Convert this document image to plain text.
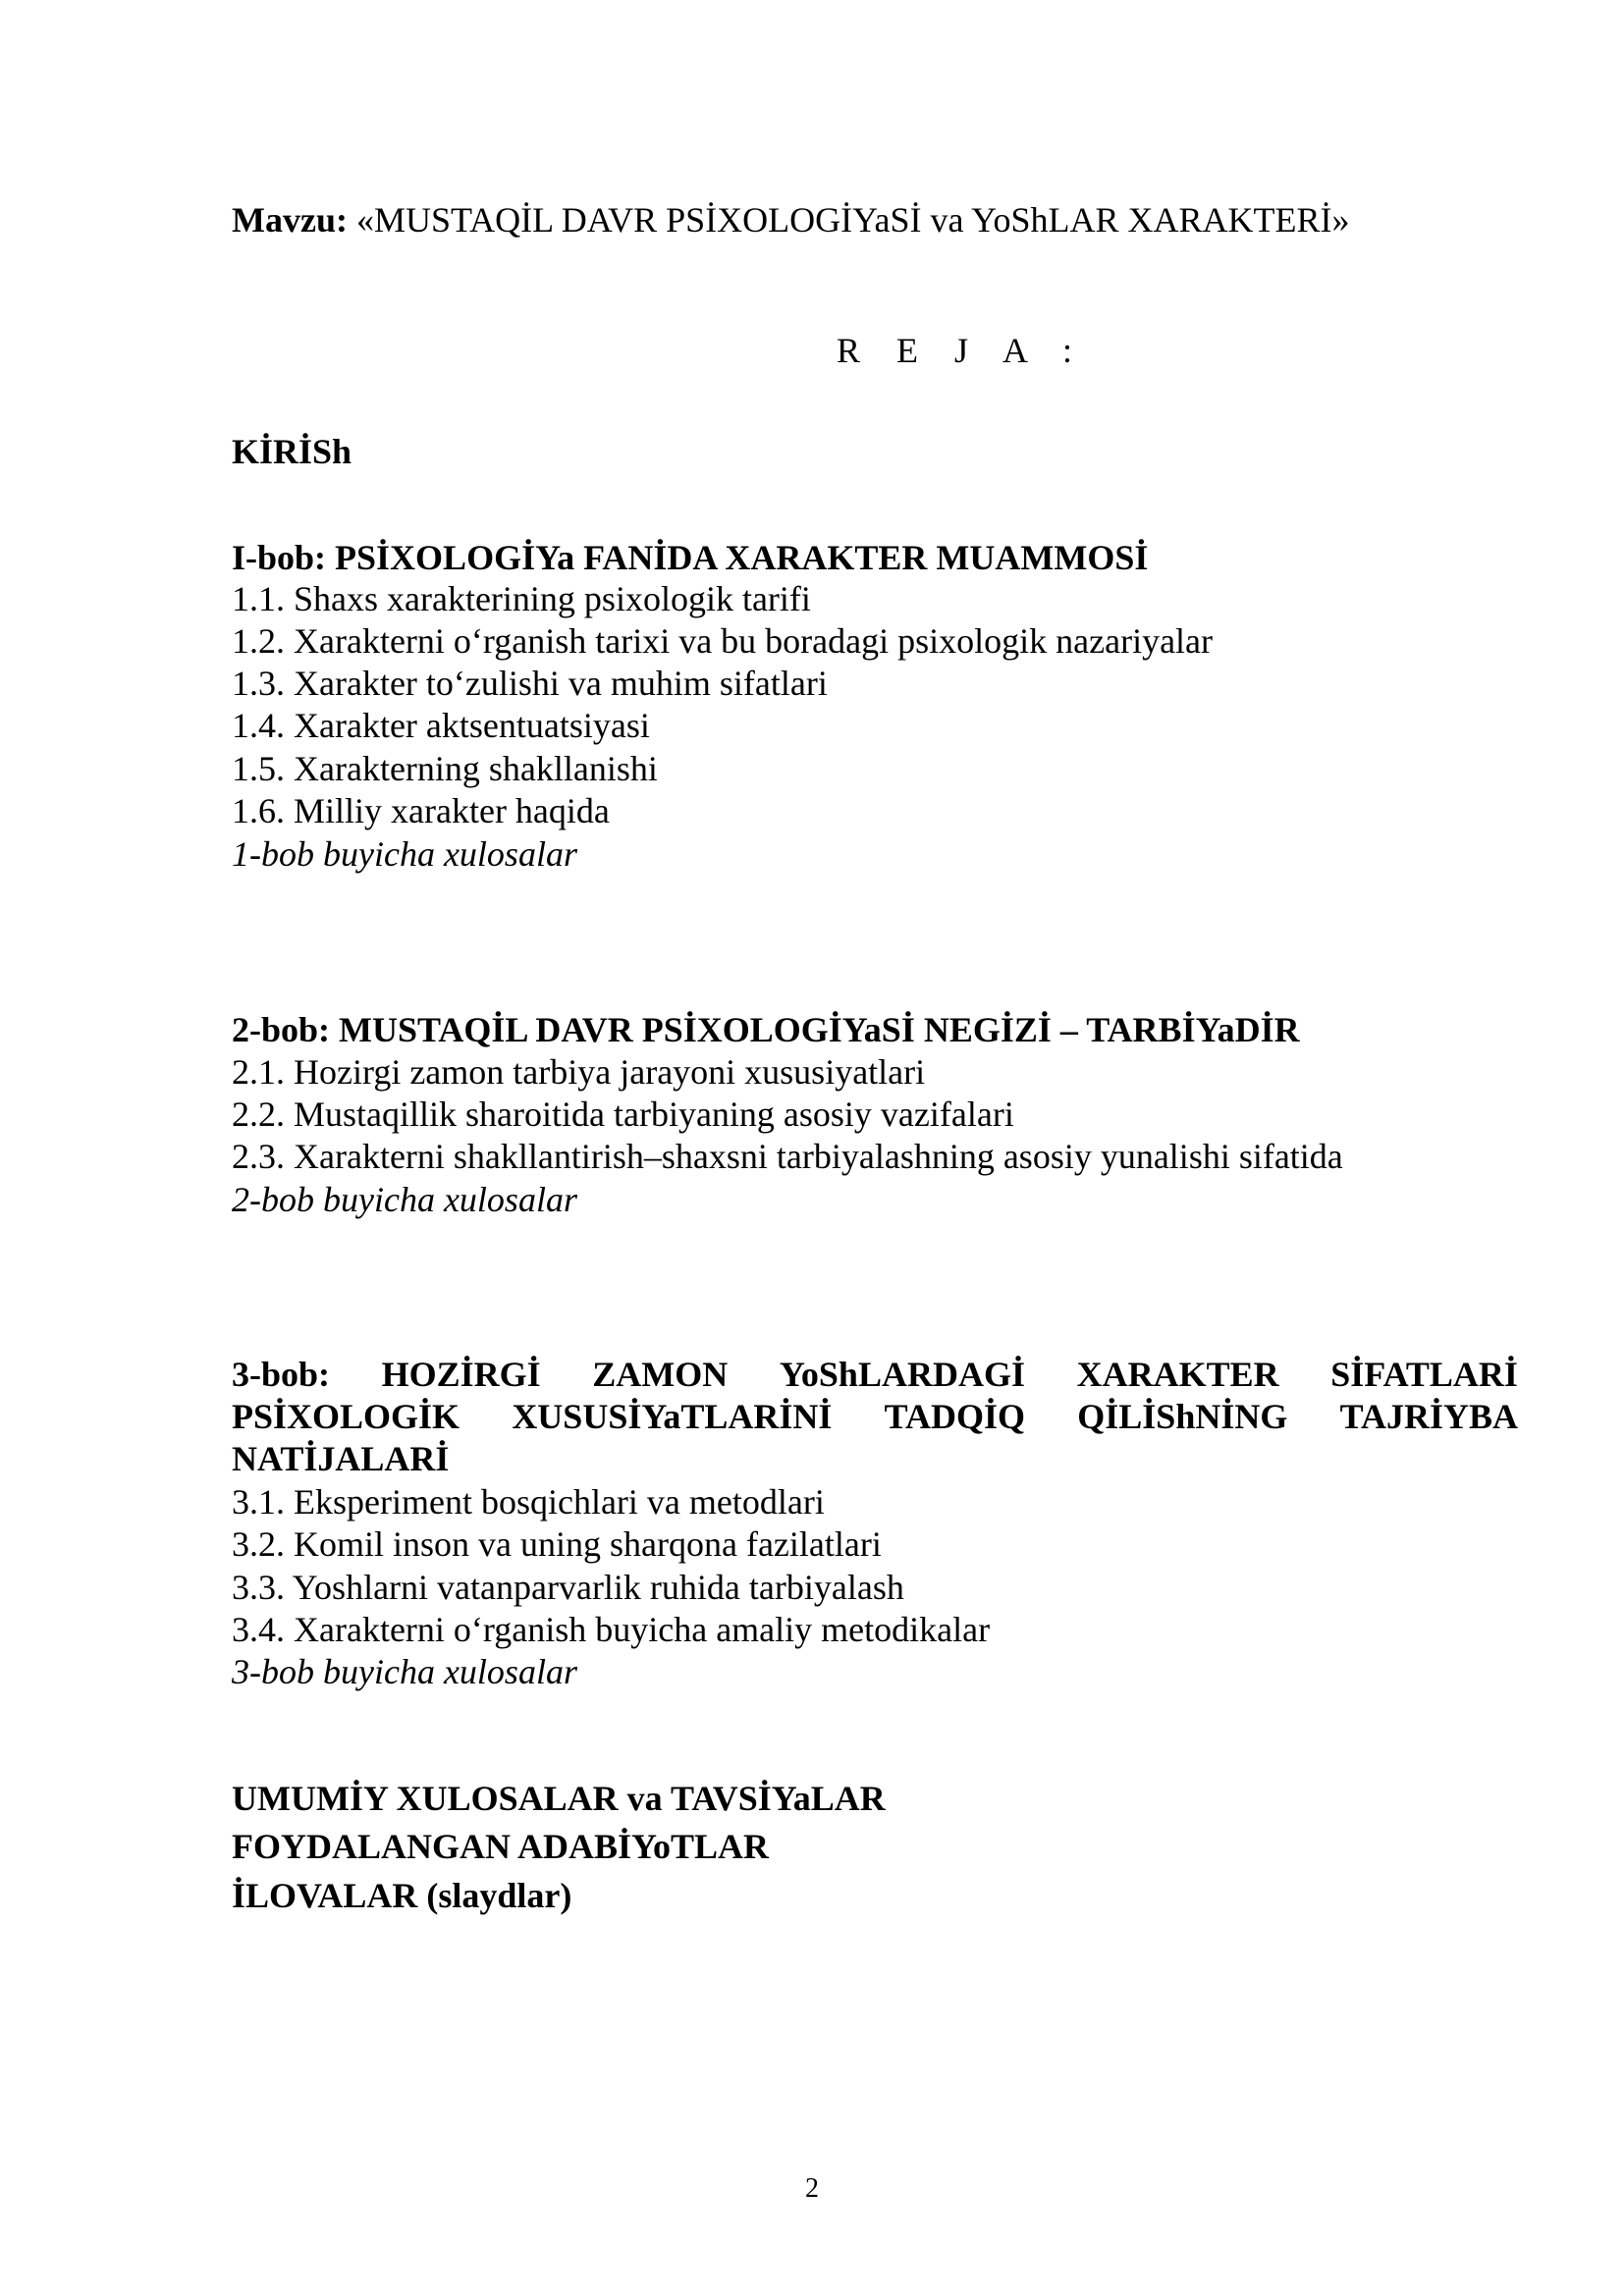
Mavzu: «MUSTAQİL DAVR PSİXOLOGİYaSİ va YoShLAR XARAKTERİ»
R E J A :
KİRİSh
I-bob: PSİXOLOGİYa FANİDA XARAKTER MUAMMOSİ
1.1. Shaxs xarakterining psixologik tarifi
1.2. Xarakterni o‘rganish tarixi va bu boradagi psixologik nazariyalar
1.3. Xarakter to‘zulishi va muhim sifatlari
1.4. Xarakter aktsentuatsiyasi
1.5. Xarakterning shakllanishi
1.6. Milliy xarakter haqida
1-bob buyicha xulosalar
2-bob: MUSTAQİL DAVR PSİXOLOGİYaSİ NEGİZİ – TARBİYaDİR
2.1. Hozirgi zamon tarbiya jarayoni xususiyatlari
2.2. Mustaqillik sharoitida tarbiyaning asosiy vazifalari
2.3. Xarakterni shakllantirish–shaxsni tarbiyalashning asosiy yunalishi sifatida
2-bob buyicha xulosalar
3-bob: HOZİRGİ ZAMON YoShLARDAGİ XARAKTER SİFATLARİ
PSİXOLOGİK XUSUSİYaTLARİNİ TADQİQ QİLİShNİNG TAJRİYBA
NATİJALARİ
3.1. Eksperiment bosqichlari va metodlari
3.2. Komil inson va uning sharqona fazilatlari
3.3. Yoshlarni vatanparvarlik ruhida tarbiyalash
3.4. Xarakterni o‘rganish buyicha amaliy metodikalar
3-bob buyicha xulosalar
UMUMİY XULOSALAR va TAVSİYaLAR
FOYDALANGAN ADABİYoTLAR
İLOVALAR (slaydlar)
2
